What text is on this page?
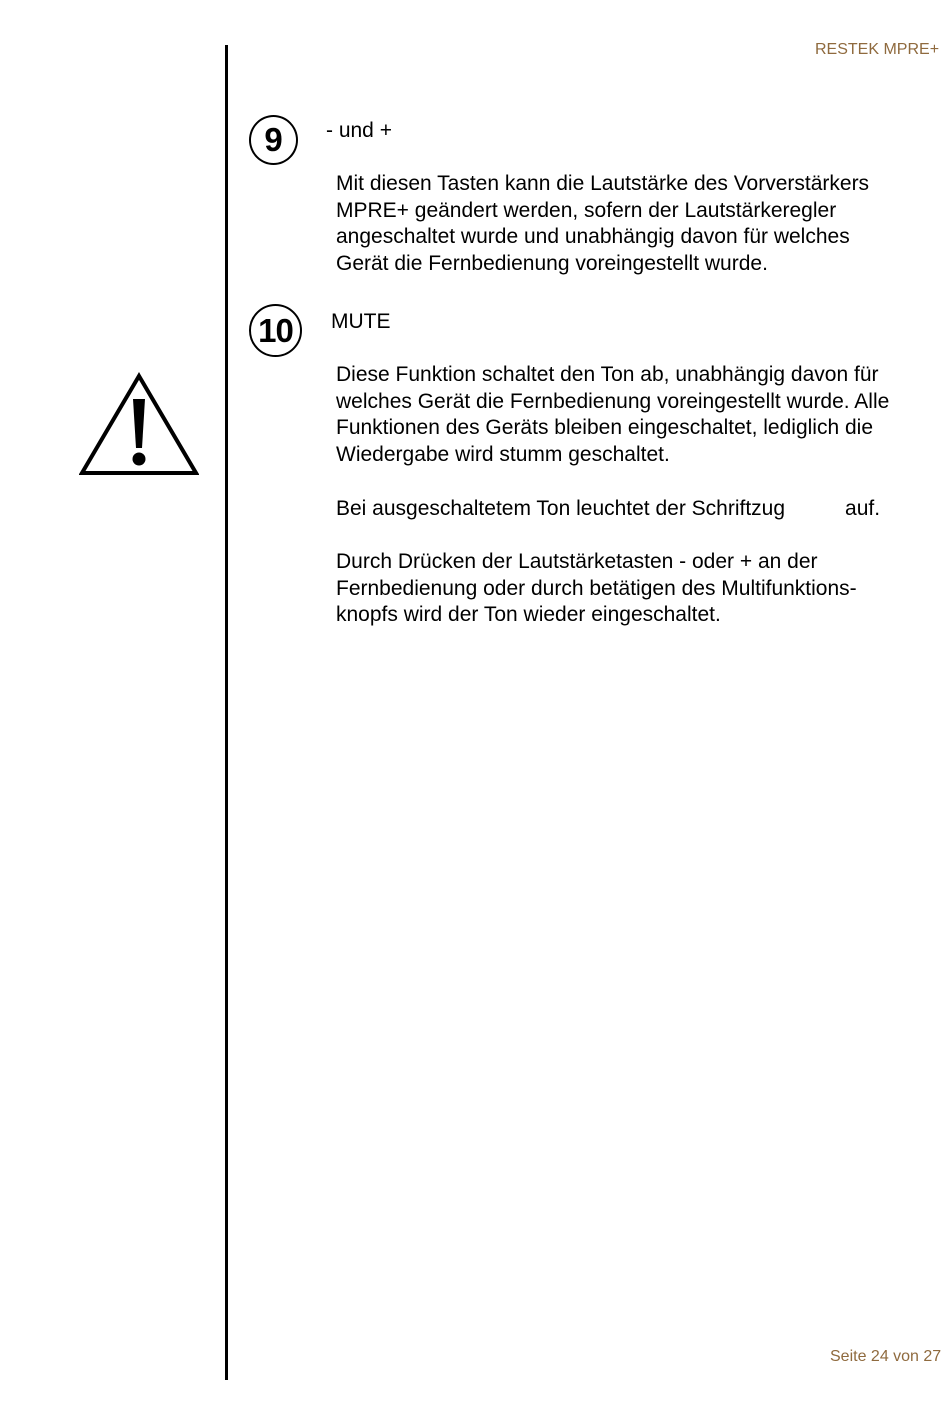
RESTEK MPRE+
9	- und +
Mit diesen Tasten kann die Lautstärke des Vorverstärkers
MPRE+ geändert werden, sofern der Lautstärkeregler
angeschaltet wurde und unabhängig davon für welches
Gerät die Fernbedienung voreingestellt wurde.
10	MUTE
Diese Funktion schaltet den Ton ab, unabhängig davon für
welches Gerät die Fernbedienung voreingestellt wurde. Alle
Funktionen des Geräts bleiben eingeschaltet, lediglich die
Wiedergabe wird stumm geschaltet.
Bei ausgeschaltetem Ton leuchtet der Schriftzug	auf.
Durch Drücken der Lautstärketasten - oder + an der
Fernbedienung oder durch betätigen des Multifunktions-
knopfs wird der Ton wieder eingeschaltet.
Seite 24 von 27
